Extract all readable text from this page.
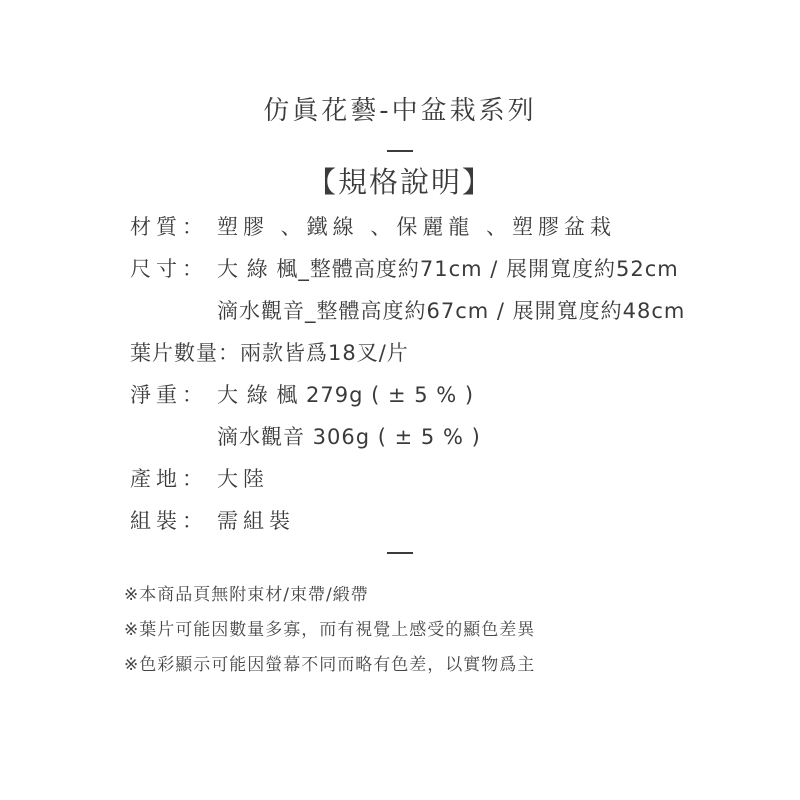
仿眞花藝-中盆栽系列
【規格說明】
材質： 塑膠 、鐵線 、保麗龍 、塑膠盆栽
尺寸： 大 綠 楓_整體高度約71cm / 展開寬度約52cm
滴水觀音_整體高度約67cm / 展開寬度約48cm
葉片數量： 兩款皆爲18叉/片
淨重： 大 綠 楓 279g ( ± 5 % )
滴水觀音 306g ( ± 5 % )
產地： 大陸
組裝： 需組裝
※本商品頁無附束材/束帶/緞帶
※葉片可能因數量多寡，而有視覺上感受的顯色差異
※色彩顯示可能因螢幕不同而略有色差，以實物爲主
